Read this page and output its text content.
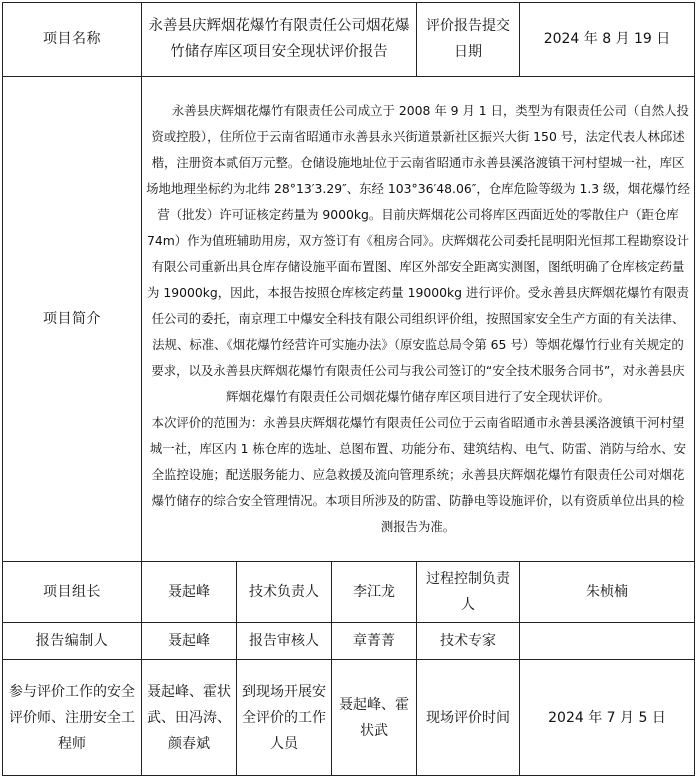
项目名称	永善县庆辉烟花爆竹有限责任公司烟花爆竹储存库区项目安全现状评价报告			评价报告提交日期	2024 年 8 月 19 日
项目简介	永善县庆辉烟花爆竹有限责任公司成立于 2008 年 9 月 1 日，类型为有限责任公司（自然人投资或控股），住所位于云南省昭通市永善县永兴街道景新社区振兴大街 150 号，法定代表人林邱述楷，注册资本贰佰万元整。仓储设施地址位于云南省昭通市永善县溪洛渡镇干河村望城一社，库区场地地理坐标约为北纬 28°13′3.29″、东经 103°36′48.06″，仓库危险等级为 1.3 级，烟花爆竹经营（批发）许可证核定药量为 9000kg。目前庆辉烟花公司将库区西面近处的零散住户（距仓库 74m）作为值班辅助用房，双方签订有《租房合同》。庆辉烟花公司委托昆明阳光恒邦工程勘察设计有限公司重新出具仓库存储设施平面布置图、库区外部安全距离实测图，图纸明确了仓库核定药量为 19000kg，因此，本报告按照仓库核定药量 19000kg 进行评价。受永善县庆辉烟花爆竹有限责任公司的委托，南京理工中爆安全科技有限公司组织评价组，按照国家安全生产方面的有关法律、法规、标准、《烟花爆竹经营许可实施办法》（原安监总局令第 65 号）等烟花爆竹行业有关规定的要求，以及永善县庆辉烟花爆竹有限责任公司与我公司签订的“安全技术服务合同书”，对永善县庆辉烟花爆竹有限责任公司烟花爆竹储存库区项目进行了安全现状评价。

本次评价的范围为：永善县庆辉烟花爆竹有限责任公司位于云南省昭通市永善县溪洛渡镇干河村望城一社，库区内 1 栋仓库的选址、总图布置、功能分布、建筑结构、电气、防雷、消防与给水、安全监控设施；配送服务能力、应急救援及流向管理系统；永善县庆辉烟花爆竹有限责任公司对烟花爆竹储存的综合安全管理情况。本项目所涉及的防雷、防静电等设施评价，以有资质单位出具的检测报告为准。				

项目组长	聂起峰	技术负责人	李江龙	过程控制负责人	朱桢楠
报告编制人	聂起峰	报告审核人	章菁菁	技术专家	
参与评价工作的安全评价师、注册安全工程师	聂起峰、霍状武、田冯涛、颜春斌	到现场开展安全评价的工作人员	聂起峰、霍状武	现场评价时间	2024 年 7 月 5 日
